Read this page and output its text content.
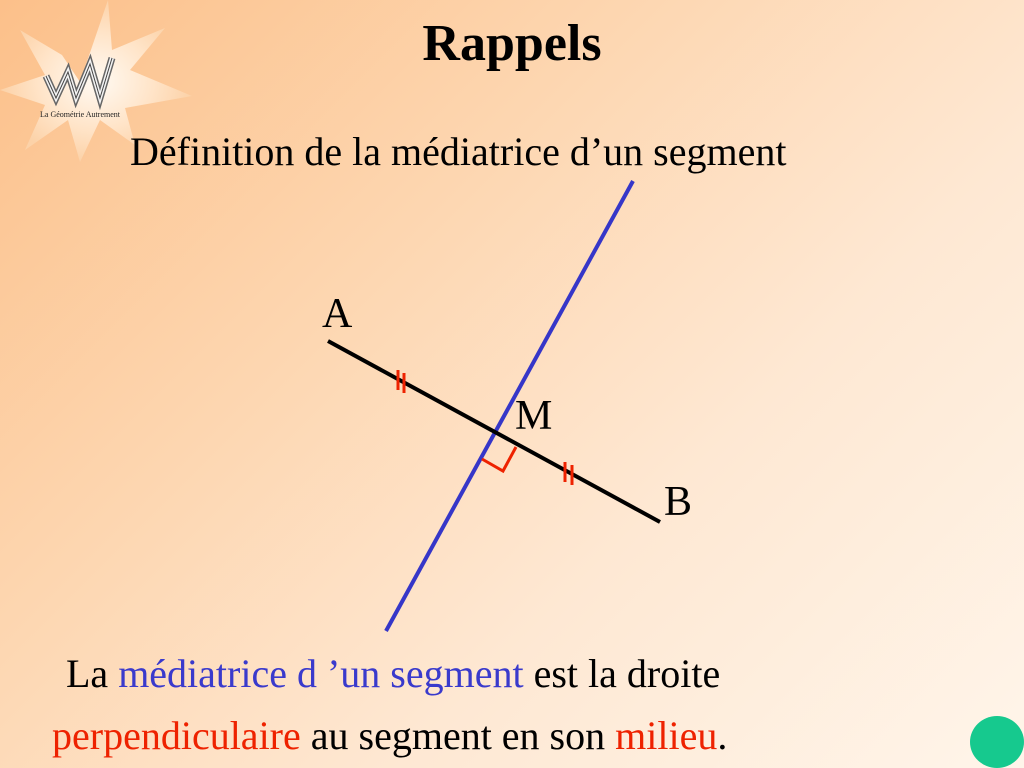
La Géométrie Autrement
Rappels
Définition de la médiatrice d’un segment
A
M
B
La médiatrice d ’un segment est la droite
perpendiculaire au segment en son milieu.
